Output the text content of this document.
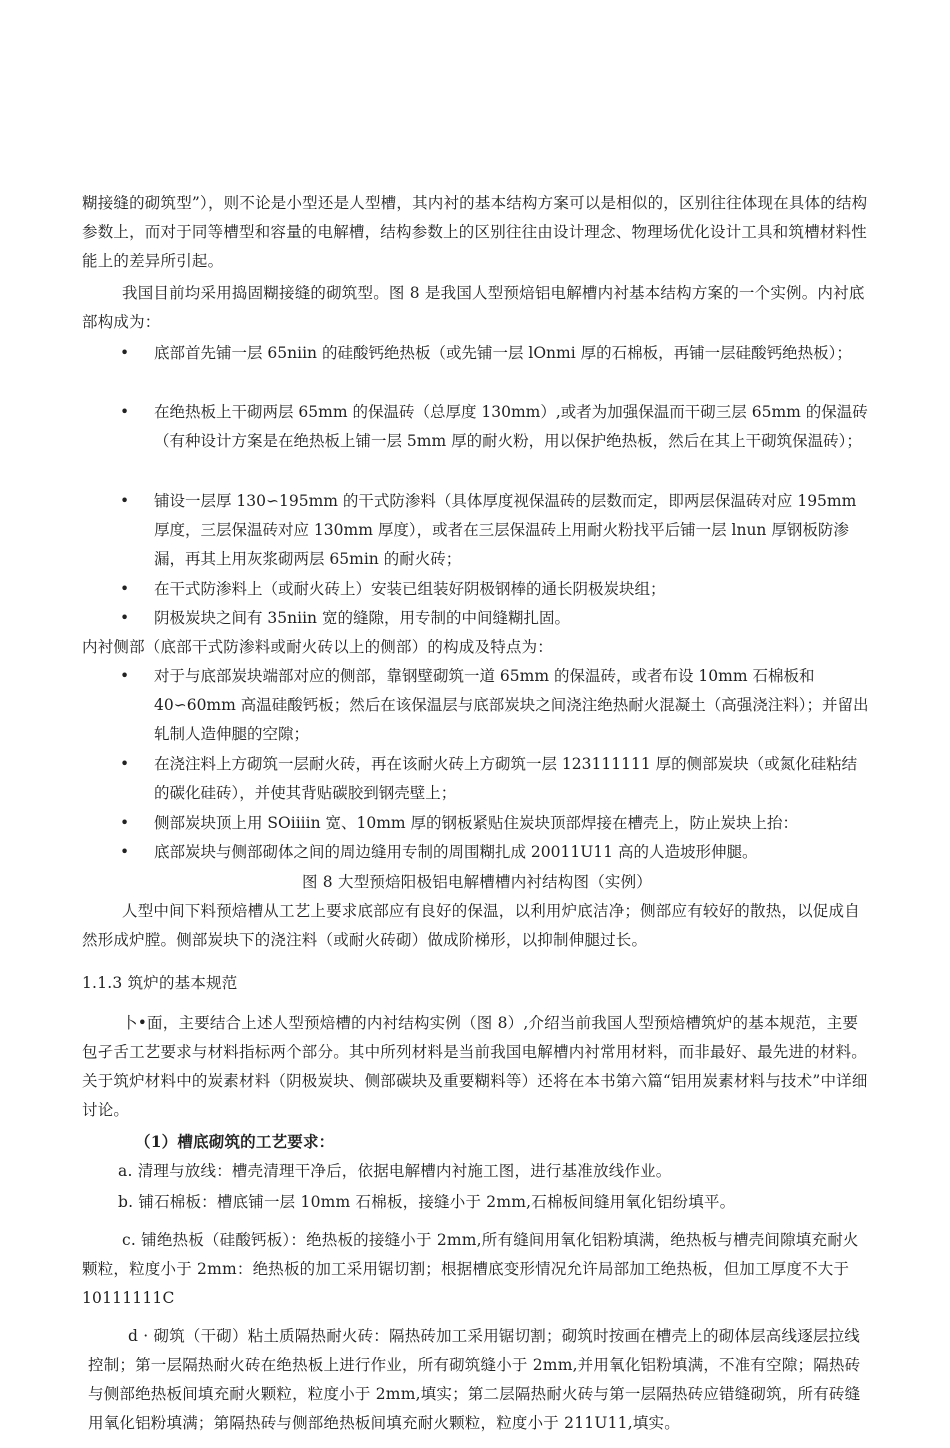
糊接缝的砌筑型”），则不论是小型还是人型槽，其内衬的基本结构方案可以是相似的，区别往往体现在具体的结构参数上，而对于同等槽型和容量的电解槽，结构参数上的区别往往由设计理念、物理场优化设计工具和筑槽材料性能上的差异所引起。
我国目前均采用捣固糊接缝的砌筑型。图 8 是我国人型预焙铝电解槽内衬基本结构方案的一个实例。内衬底部构成为：
• 底部首先铺一层 65niin 的硅酸钙绝热板（或先铺一层 lOnmi 厚的石棉板，再铺一层硅酸钙绝热板）；
• 在绝热板上干砌两层 65mm 的保温砖（总厚度 130mm）,或者为加强保温而干砌三层 65mm 的保温砖（有种设计方案是在绝热板上铺一层 5mm 厚的耐火粉，用以保护绝热板，然后在其上干砌筑保温砖）；
• 铺设一层厚 130∽195mm 的干式防渗料（具体厚度视保温砖的层数而定，即两层保温砖对应 195mm 厚度，三层保温砖对应 130mm 厚度），或者在三层保温砖上用耐火粉找平后铺一层 lnun 厚钢板防渗漏，再其上用灰浆砌两层 65min 的耐火砖；
• 在干式防渗料上（或耐火砖上）安装已组装好阴极钢棒的通长阴极炭块组；
• 阴极炭块之间有 35niin 宽的缝隙，用专制的中间缝糊扎固。
内衬侧部（底部干式防渗料或耐火砖以上的侧部）的构成及特点为：
• 对于与底部炭块端部对应的侧部，靠钢壁砌筑一道 65mm 的保温砖，或者布设 10mm 石棉板和 40∽60mm 高温硅酸钙板；然后在该保温层与底部炭块之间浇注绝热耐火混凝土（高强浇注料）；并留出轧制人造伸腿的空隙；
• 在浇注料上方砌筑一层耐火砖，再在该耐火砖上方砌筑一层 123111111 厚的侧部炭块（或氮化硅粘结的碳化硅砖），并使其背贴碳胶到钢壳壁上；
• 侧部炭块顶上用 SOiiiin 宽、10mm 厚的钢板紧贴住炭块顶部焊接在槽壳上，防止炭块上抬：
• 底部炭块与侧部砌体之间的周边缝用专制的周围糊扎成 20011U11 高的人造坡形伸腿。
图 8 大型预焙阳极铝电解槽槽内衬结构图（实例）
人型中间下料预焙槽从工艺上要求底部应有良好的保温，以利用炉底洁净；侧部应有较好的散热，以促成自然形成炉膛。侧部炭块下的浇注料（或耐火砖砌）做成阶梯形，以抑制伸腿过长。
1.1.3 筑炉的基本规范
卜•面，主要结合上述人型预焙槽的内衬结构实例（图 8）,介绍当前我国人型预焙槽筑炉的基本规范，主要包孑舌工艺要求与材料指标两个部分。其中所列材料是当前我国电解槽内衬常用材料，而非最好、最先进的材料。关于筑炉材料中的炭素材料（阴极炭块、侧部碳块及重要糊料等）还将在本书第六篇“铝用炭素材料与技术”中详细讨论。
（1）槽底砌筑的工艺要求：
a. 清理与放线：槽壳清理干净后，依据电解槽内衬施工图，进行基准放线作业。
b. 铺石棉板：槽底铺一层 10mm 石棉板，接缝小于 2mm,石棉板间缝用氧化铝纷填平。
c. 铺绝热板（硅酸钙板）：绝热板的接缝小于 2mm,所有缝间用氧化铝粉填满，绝热板与槽壳间隙填充耐火颗粒，粒度小于 2mm：绝热板的加工采用锯切割；根据槽底变形情况允许局部加工绝热板，但加工厚度不大于 10111111C
d · 砌筑（干砌）粘土质隔热耐火砖：隔热砖加工采用锯切割；砌筑时按画在槽壳上的砌体层高线逐层拉线控制；第一层隔热耐火砖在绝热板上进行作业，所有砌筑缝小于 2mm,并用氧化铝粉填满，不准有空隙；隔热砖与侧部绝热板间填充耐火颗粒，粒度小于 2mm,填实；第二层隔热耐火砖与第一层隔热砖应错缝砌筑，所有砖缝用氧化铝粉填满；第隔热砖与侧部绝热板间填充耐火颗粒，粒度小于 211U11,填实。
